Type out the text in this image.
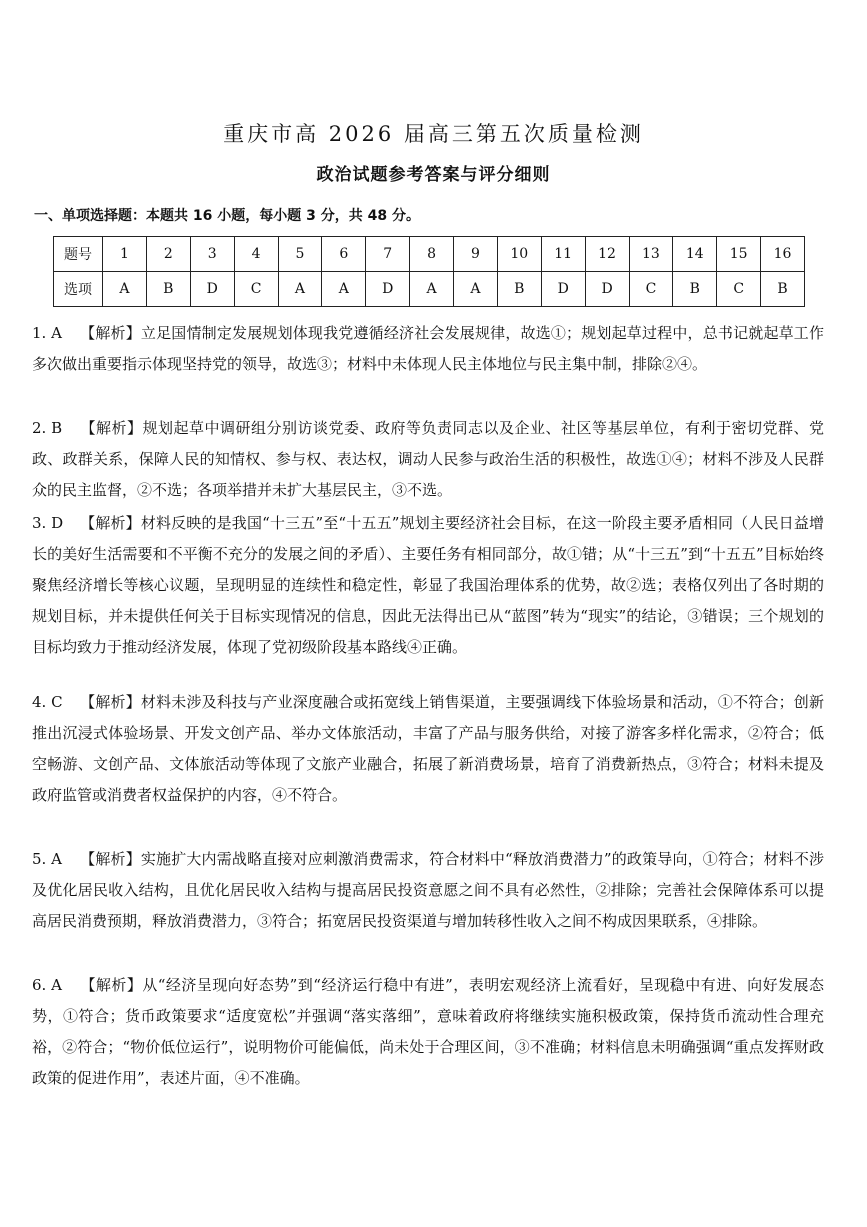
重庆市高 2026 届高三第五次质量检测
政治试题参考答案与评分细则
一、单项选择题：本题共 16 小题，每小题 3 分，共 48 分。
题号	1	2	3	4	5	6	7	8	9	10	11	12	13	14	15	16
选项	A	B	D	C	A	A	D	A	A	B	D	D	C	B	C	B
1. A 【解析】立足国情制定发展规划体现我党遵循经济社会发展规律，故选①；规划起草过程中，总书记就起草工作多次做出重要指示体现坚持党的领导，故选③；材料中未体现人民主体地位与民主集中制，排除②④。
2. B 【解析】规划起草中调研组分别访谈党委、政府等负责同志以及企业、社区等基层单位，有利于密切党群、党政、政群关系，保障人民的知情权、参与权、表达权，调动人民参与政治生活的积极性，故选①④；材料不涉及人民群众的民主监督，②不选；各项举措并未扩大基层民主，③不选。
3. D 【解析】材料反映的是我国“十三五”至“十五五”规划主要经济社会目标，在这一阶段主要矛盾相同（人民日益增长的美好生活需要和不平衡不充分的发展之间的矛盾）、主要任务有相同部分，故①错；从“十三五”到“十五五”目标始终聚焦经济增长等核心议题，呈现明显的连续性和稳定性，彰显了我国治理体系的优势，故②选；表格仅列出了各时期的规划目标，并未提供任何关于目标实现情况的信息，因此无法得出已从“蓝图”转为“现实”的结论，③错误；三个规划的目标均致力于推动经济发展，体现了党初级阶段基本路线④正确。
4. C 【解析】材料未涉及科技与产业深度融合或拓宽线上销售渠道，主要强调线下体验场景和活动，①不符合；创新推出沉浸式体验场景、开发文创产品、举办文体旅活动，丰富了产品与服务供给，对接了游客多样化需求，②符合；低空畅游、文创产品、文体旅活动等体现了文旅产业融合，拓展了新消费场景，培育了消费新热点，③符合；材料未提及政府监管或消费者权益保护的内容，④不符合。
5. A 【解析】实施扩大内需战略直接对应刺激消费需求，符合材料中“释放消费潜力”的政策导向，①符合；材料不涉及优化居民收入结构，且优化居民收入结构与提高居民投资意愿之间不具有必然性，②排除；完善社会保障体系可以提高居民消费预期，释放消费潜力，③符合；拓宽居民投资渠道与增加转移性收入之间不构成因果联系，④排除。
6. A 【解析】从“经济呈现向好态势”到“经济运行稳中有进”，表明宏观经济上流看好，呈现稳中有进、向好发展态势，①符合；货币政策要求“适度宽松”并强调“落实落细”，意味着政府将继续实施积极政策，保持货币流动性合理充裕，②符合；“物价低位运行”，说明物价可能偏低，尚未处于合理区间，③不准确；材料信息未明确强调“重点发挥财政政策的促进作用”，表述片面，④不准确。
